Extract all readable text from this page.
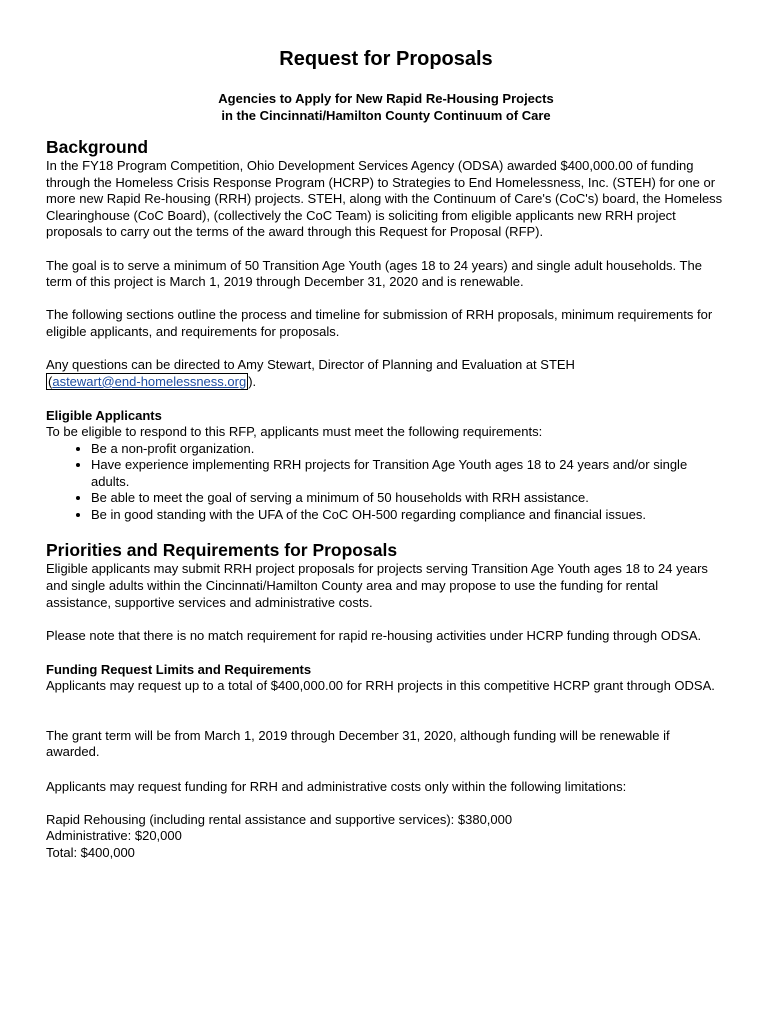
Request for Proposals
Agencies to Apply for New Rapid Re-Housing Projects
in the Cincinnati/Hamilton County Continuum of Care
Background

In the FY18 Program Competition, Ohio Development Services Agency (ODSA) awarded $400,000.00 of funding through the Homeless Crisis Response Program (HCRP) to Strategies to End Homelessness, Inc. (STEH) for one or more new Rapid Re-housing (RRH) projects. STEH, along with the Continuum of Care's (CoC's) board, the Homeless Clearinghouse (CoC Board), (collectively the CoC Team) is soliciting from eligible applicants new RRH project proposals to carry out the terms of the award through this Request for Proposal (RFP).

The goal is to serve a minimum of 50 Transition Age Youth (ages 18 to 24 years) and single adult households. The term of this project is March 1, 2019 through December 31, 2020 and is renewable.

The following sections outline the process and timeline for submission of RRH proposals, minimum requirements for eligible applicants, and requirements for proposals.

Any questions can be directed to Amy Stewart, Director of Planning and Evaluation at STEH
(astewart@end-homelessness.org ).

Eligible Applicants

To be eligible to respond to this RFP, applicants must meet the following requirements:

• Be a non-profit organization.
• Have experience implementing RRH projects for Transition Age Youth ages 18 to 24 years and/or single adults.
• Be able to meet the goal of serving a minimum of 50 households with RRH assistance.
• Be in good standing with the UFA of the CoC OH-500 regarding compliance and financial issues.
Priorities and Requirements for Proposals

Eligible applicants may submit RRH project proposals for projects serving Transition Age Youth ages 18 to 24 years and single adults within the Cincinnati/Hamilton County area and may propose to use the funding for rental assistance, supportive services and administrative costs.

Please note that there is no match requirement for rapid re-housing activities under HCRP funding through ODSA.

Funding Request Limits and Requirements

Applicants may request up to a total of $400,000.00 for RRH projects in this competitive HCRP grant through ODSA.

The grant term will be from March 1, 2019 through December 31, 2020, although funding will be renewable if awarded.

Applicants may request funding for RRH and administrative costs only within the following limitations:

Rapid Rehousing (including rental assistance and supportive services): $380,000

Administrative: $20,000

Total: $400,000
